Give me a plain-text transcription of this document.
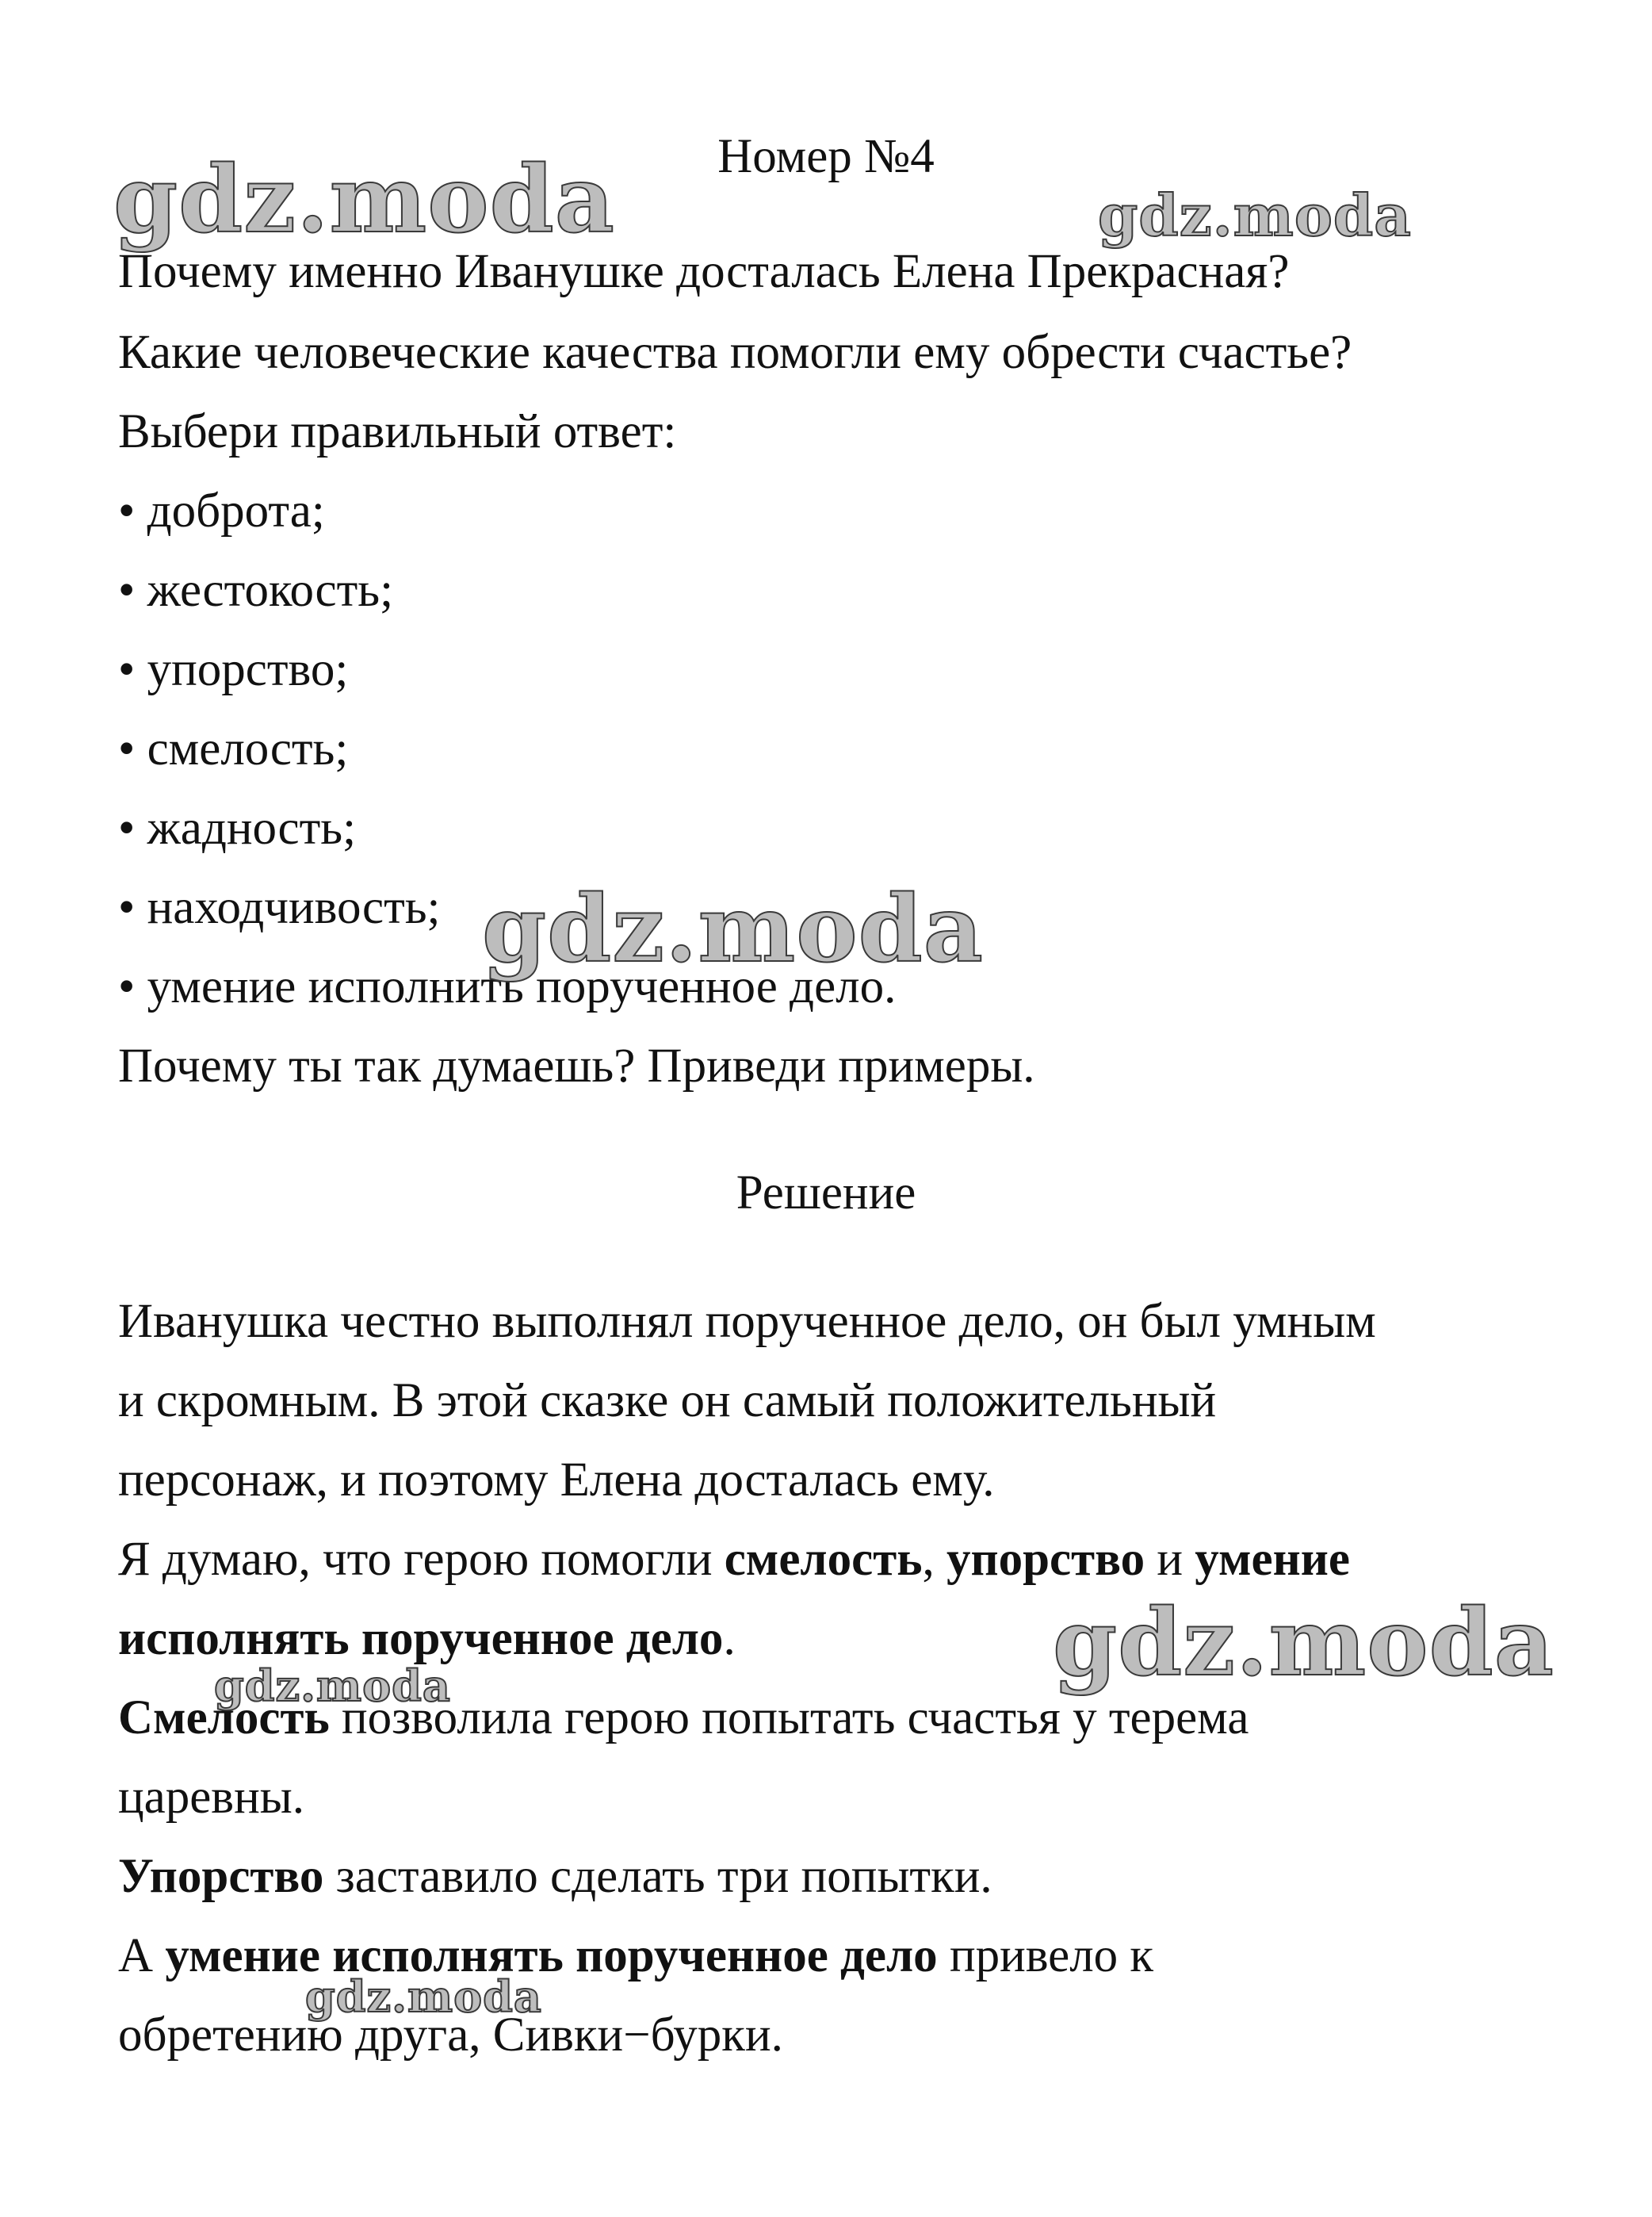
Номер №4
Почему именно Иванушке досталась Елена Прекрасная?
Какие человеческие качества помогли ему обрести счастье?
Выбери правильный ответ:
• доброта;
• жестокость;
• упорство;
• смелость;
• жадность;
• находчивость;
• умение исполнить порученное дело.
Почему ты так думаешь? Приведи примеры.
Решение
Иванушка честно выполнял порученное дело, он был умным
и скромным. В этой сказке он самый положительный
персонаж, и поэтому Елена досталась ему.
Я думаю, что герою помогли смелость, упорство и умение
исполнять порученное дело.
Смелость позволила герою попытать счастья у терема
царевны.
Упорство заставило сделать три попытки.
А умение исполнять порученное дело привело к
обретению друга, Сивки−бурки.
gdz.moda	gdz.moda
gdz.moda
gdz.moda
gdz.moda
gdz.moda
